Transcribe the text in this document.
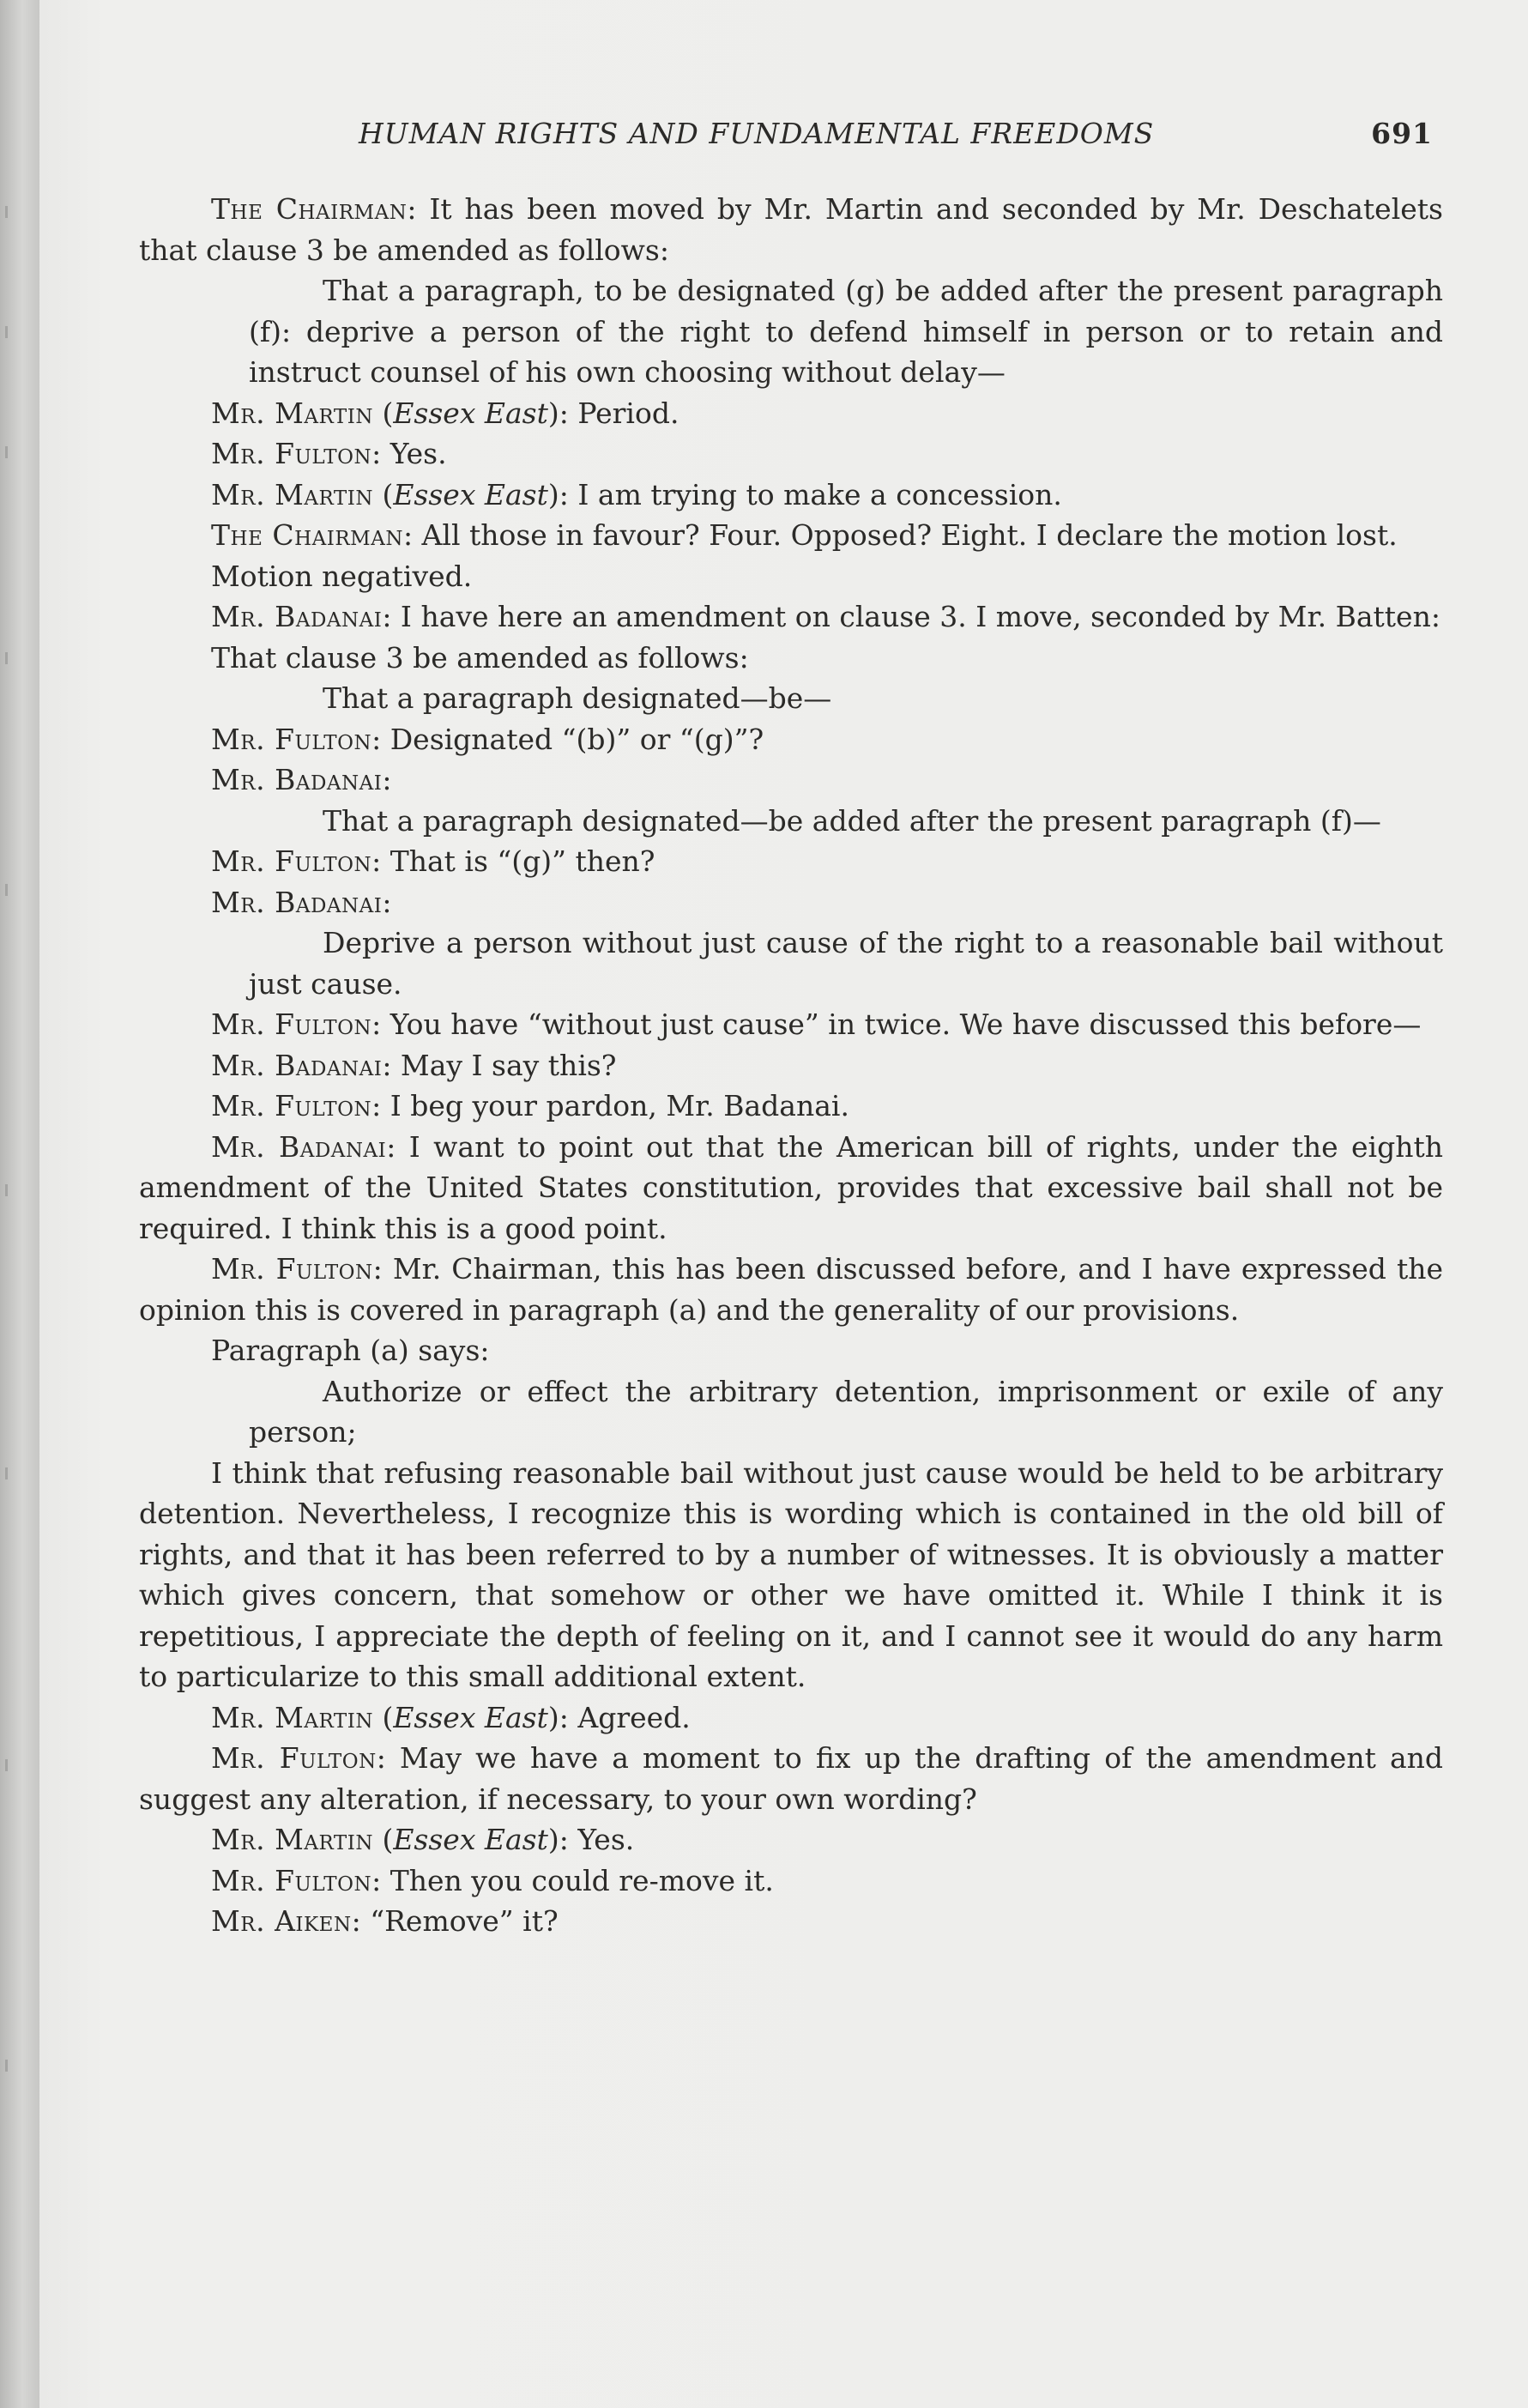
HUMAN RIGHTS AND FUNDAMENTAL FREEDOMS	691

The Chairman: It has been moved by Mr. Martin and seconded by Mr. Deschatelets that clause 3 be amended as follows:

That a paragraph, to be designated (g) be added after the present paragraph (f): deprive a person of the right to defend himself in person or to retain and instruct counsel of his own choosing without delay—

Mr. Martin (Essex East): Period.

Mr. Fulton: Yes.

Mr. Martin (Essex East): I am trying to make a concession.

The Chairman: All those in favour? Four. Opposed? Eight. I declare the motion lost.

Motion negatived.

Mr. Badanai: I have here an amendment on clause 3. I move, seconded by Mr. Batten:

That clause 3 be amended as follows:

That a paragraph designated—be—

Mr. Fulton: Designated “(b)” or “(g)”?

Mr. Badanai:

That a paragraph designated—be added after the present paragraph (f)—

Mr. Fulton: That is “(g)” then?

Mr. Badanai:

Deprive a person without just cause of the right to a reasonable bail without just cause.

Mr. Fulton: You have “without just cause” in twice. We have discussed this before—

Mr. Badanai: May I say this?

Mr. Fulton: I beg your pardon, Mr. Badanai.

Mr. Badanai: I want to point out that the American bill of rights, under the eighth amendment of the United States constitution, provides that excessive bail shall not be required. I think this is a good point.

Mr. Fulton: Mr. Chairman, this has been discussed before, and I have expressed the opinion this is covered in paragraph (a) and the generality of our provisions.

Paragraph (a) says:

Authorize or effect the arbitrary detention, imprisonment or exile of any person;

I think that refusing reasonable bail without just cause would be held to be arbitrary detention. Nevertheless, I recognize this is wording which is contained in the old bill of rights, and that it has been referred to by a number of witnesses. It is obviously a matter which gives concern, that somehow or other we have omitted it. While I think it is repetitious, I appreciate the depth of feeling on it, and I cannot see it would do any harm to particularize to this small additional extent.

Mr. Martin (Essex East): Agreed.

Mr. Fulton: May we have a moment to fix up the drafting of the amendment and suggest any alteration, if necessary, to your own wording?

Mr. Martin (Essex East): Yes.

Mr. Fulton: Then you could re-move it.

Mr. Aiken: “Remove” it?
